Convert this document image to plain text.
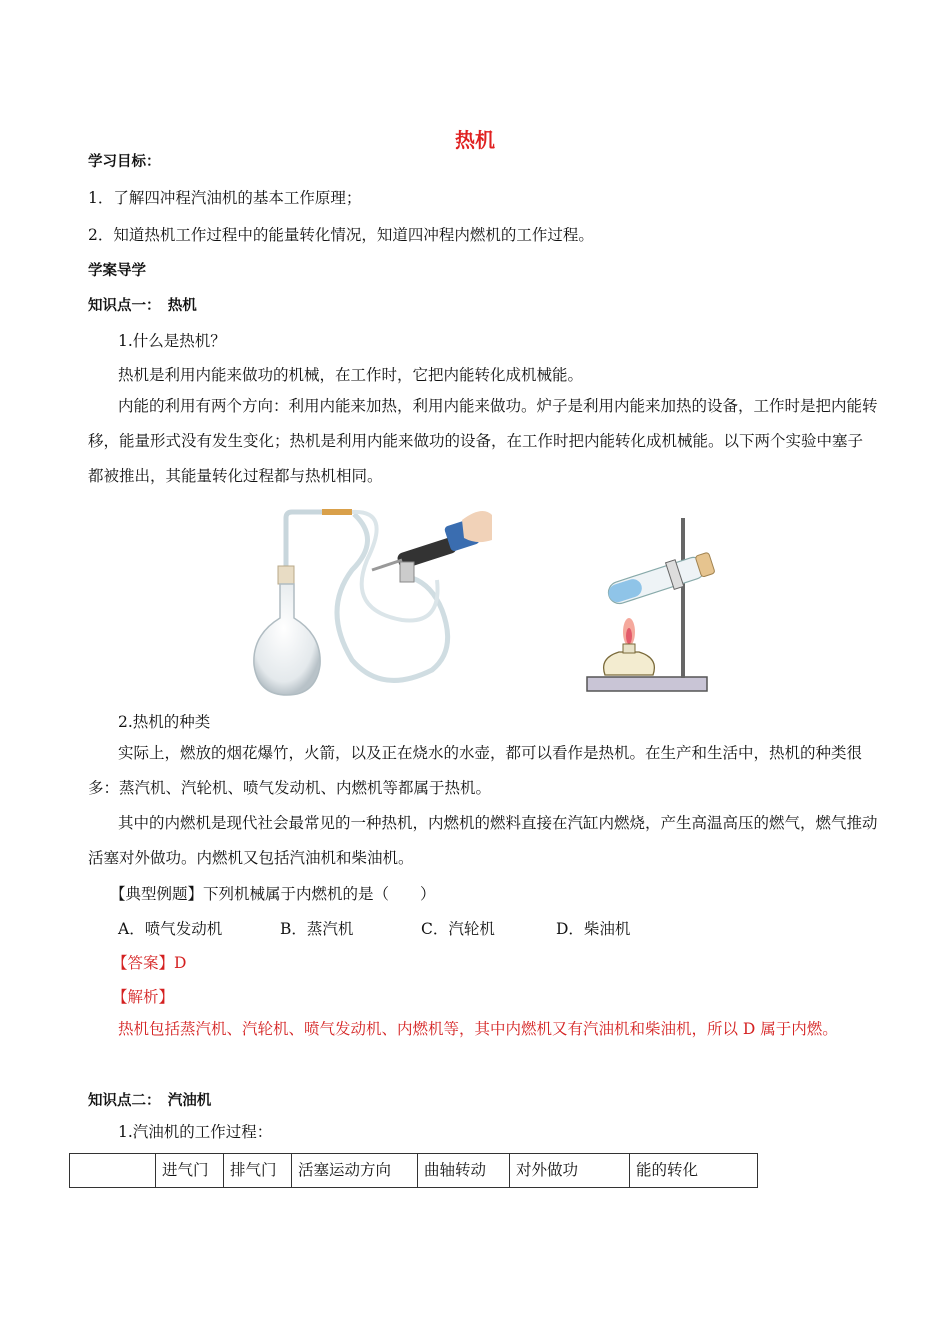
热机
学习目标：
1．了解四冲程汽油机的基本工作原理；
2．知道热机工作过程中的能量转化情况，知道四冲程内燃机的工作过程。
学案导学
知识点一：　热机
1.什么是热机？
热机是利用内能来做功的机械，在工作时，它把内能转化成机械能。
内能的利用有两个方向：利用内能来加热，利用内能来做功。炉子是利用内能来加热的设备，工作时是把内能转移，能量形式没有发生变化；热机是利用内能来做功的设备，在工作时把内能转化成机械能。以下两个实验中塞子都被推出，其能量转化过程都与热机相同。
2.热机的种类
实际上，燃放的烟花爆竹，火箭，以及正在烧水的水壶，都可以看作是热机。在生产和生活中，热机的种类很多：蒸汽机、汽轮机、喷气发动机、内燃机等都属于热机。
其中的内燃机是现代社会最常见的一种热机，内燃机的燃料直接在汽缸内燃烧，产生高温高压的燃气，燃气推动活塞对外做功。内燃机又包括汽油机和柴油机。
【典型例题】下列机械属于内燃机的是（　　）
A．喷气发动机	B．蒸汽机	C．汽轮机	D．柴油机
【答案】D
【解析】
热机包括蒸汽机、汽轮机、喷气发动机、内燃机等，其中内燃机又有汽油机和柴油机，所以 D 属于内燃。
知识点二：　汽油机
1.汽油机的工作过程：
	进气门	排气门	活塞运动方向	曲轴转动	对外做功	能的转化
